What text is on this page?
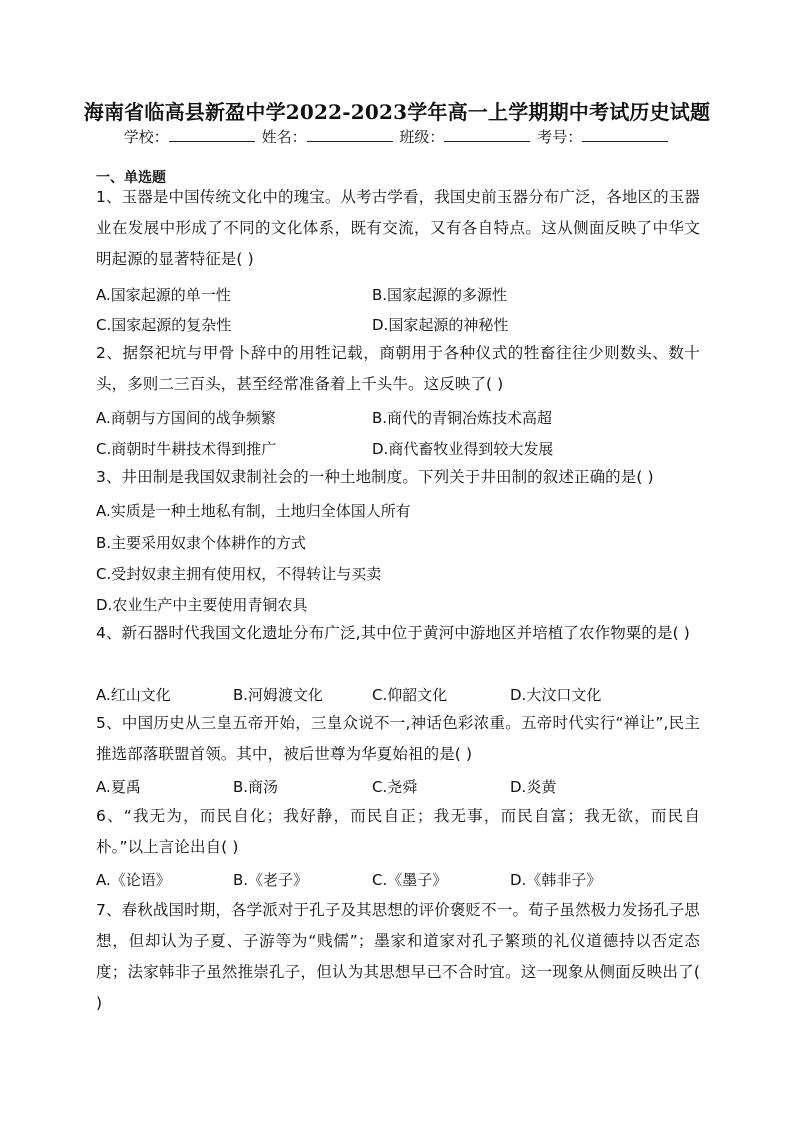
海南省临高县新盈中学2022-2023学年高一上学期期中考试历史试题
学校：	姓名：	班级：	考号：
一、单选题
1、玉器是中国传统文化中的瑰宝。从考古学看，我国史前玉器分布广泛，各地区的玉器业在发展中形成了不同的文化体系，既有交流，又有各自特点。这从侧面反映了中华文明起源的显著特征是( )
A.国家起源的单一性	B.国家起源的多源性
C.国家起源的复杂性	D.国家起源的神秘性
2、据祭祀坑与甲骨卜辞中的用牲记载，商朝用于各种仪式的牲畜往往少则数头、数十头，多则二三百头，甚至经常准备着上千头牛。这反映了( )
A.商朝与方国间的战争频繁	B.商代的青铜冶炼技术高超
C.商朝时牛耕技术得到推广	D.商代畜牧业得到较大发展
3、井田制是我国奴隶制社会的一种土地制度。下列关于井田制的叙述正确的是( )
A.实质是一种土地私有制，土地归全体国人所有
B.主要采用奴隶个体耕作的方式
C.受封奴隶主拥有使用权，不得转让与买卖
D.农业生产中主要使用青铜农具
4、新石器时代我国文化遗址分布广泛,其中位于黄河中游地区并培植了农作物粟的是( )
A.红山文化	B.河姆渡文化	C.仰韶文化	D.大汶口文化
5、中国历史从三皇五帝开始，三皇众说不一,神话色彩浓重。五帝时代实行“禅让”,民主推选部落联盟首领。其中，被后世尊为华夏始祖的是( )
A.夏禹	B.商汤	C.尧舜	D.炎黄
6、“我无为，而民自化；我好静，而民自正；我无事，而民自富；我无欲，而民自朴。”以上言论出自( )
A.《论语》	B.《老子》	C.《墨子》	D.《韩非子》
7、春秋战国时期，各学派对于孔子及其思想的评价褒贬不一。荀子虽然极力发扬孔子思想，但却认为子夏、子游等为“贱儒”；墨家和道家对孔子繁琐的礼仪道德持以否定态度；法家韩非子虽然推崇孔子，但认为其思想早已不合时宜。这一现象从侧面反映出了( )
